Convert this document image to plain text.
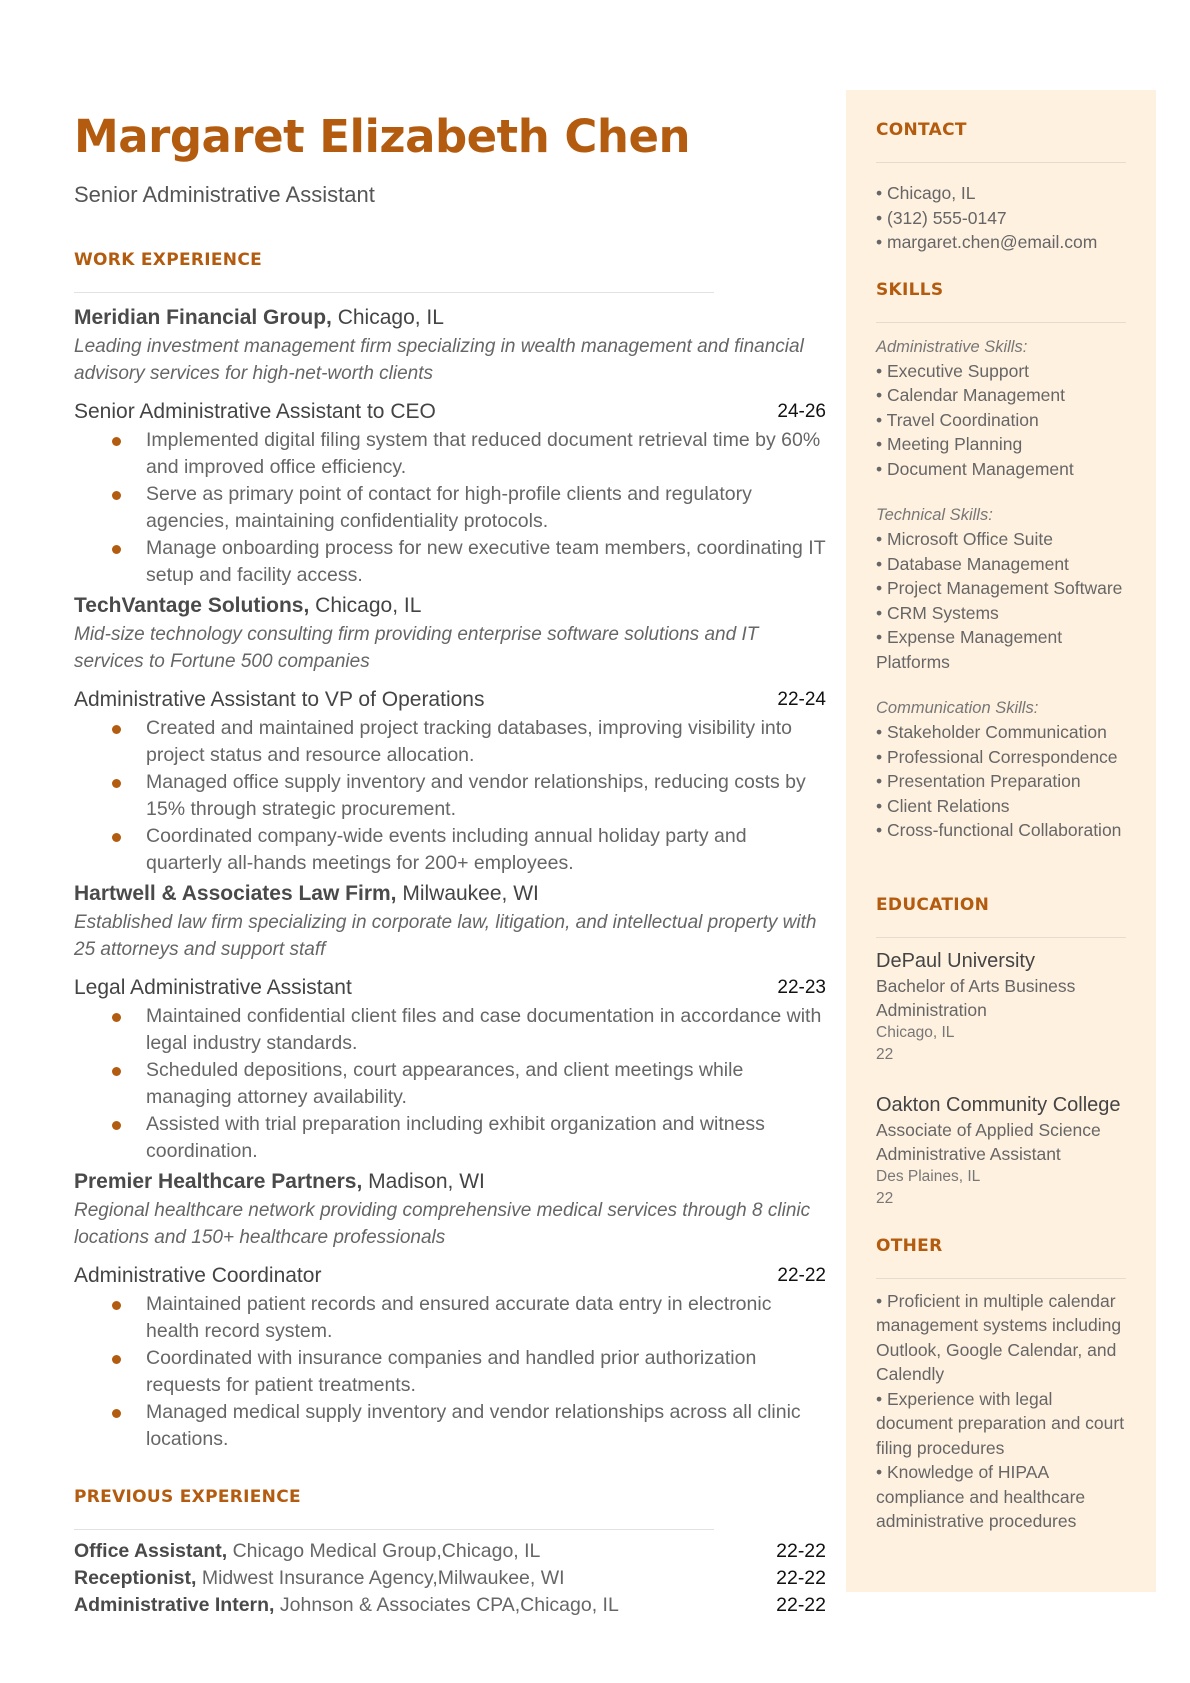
Margaret Elizabeth Chen
Senior Administrative Assistant
WORK EXPERIENCE
Meridian Financial Group, Chicago, IL
Leading investment management firm specializing in wealth management and financial advisory services for high-net-worth clients
Senior Administrative Assistant to CEO	24-26
Implemented digital filing system that reduced document retrieval time by 60% and improved office efficiency.
Serve as primary point of contact for high-profile clients and regulatory agencies, maintaining confidentiality protocols.
Manage onboarding process for new executive team members, coordinating IT setup and facility access.
TechVantage Solutions, Chicago, IL
Mid-size technology consulting firm providing enterprise software solutions and IT services to Fortune 500 companies
Administrative Assistant to VP of Operations	22-24
Created and maintained project tracking databases, improving visibility into project status and resource allocation.
Managed office supply inventory and vendor relationships, reducing costs by 15% through strategic procurement.
Coordinated company-wide events including annual holiday party and quarterly all-hands meetings for 200+ employees.
Hartwell & Associates Law Firm, Milwaukee, WI
Established law firm specializing in corporate law, litigation, and intellectual property with 25 attorneys and support staff
Legal Administrative Assistant	22-23
Maintained confidential client files and case documentation in accordance with legal industry standards.
Scheduled depositions, court appearances, and client meetings while managing attorney availability.
Assisted with trial preparation including exhibit organization and witness coordination.
Premier Healthcare Partners, Madison, WI
Regional healthcare network providing comprehensive medical services through 8 clinic locations and 150+ healthcare professionals
Administrative Coordinator	22-22
Maintained patient records and ensured accurate data entry in electronic health record system.
Coordinated with insurance companies and handled prior authorization requests for patient treatments.
Managed medical supply inventory and vendor relationships across all clinic locations.
PREVIOUS EXPERIENCE
Office Assistant, Chicago Medical Group,Chicago, IL	22-22
Receptionist, Midwest Insurance Agency,Milwaukee, WI	22-22
Administrative Intern, Johnson & Associates CPA,Chicago, IL	22-22
CONTACT
• Chicago, IL
• (312) 555-0147
• margaret.chen@email.com
SKILLS
Administrative Skills:
• Executive Support
• Calendar Management
• Travel Coordination
• Meeting Planning
• Document Management
Technical Skills:
• Microsoft Office Suite
• Database Management
• Project Management Software
• CRM Systems
• Expense Management Platforms
Communication Skills:
• Stakeholder Communication
• Professional Correspondence
• Presentation Preparation
• Client Relations
• Cross-functional Collaboration
EDUCATION
DePaul University
Bachelor of Arts Business Administration
Chicago, IL
22
Oakton Community College
Associate of Applied Science Administrative Assistant
Des Plaines, IL
22
OTHER
• Proficient in multiple calendar management systems including Outlook, Google Calendar, and Calendly
• Experience with legal document preparation and court filing procedures
• Knowledge of HIPAA compliance and healthcare administrative procedures
